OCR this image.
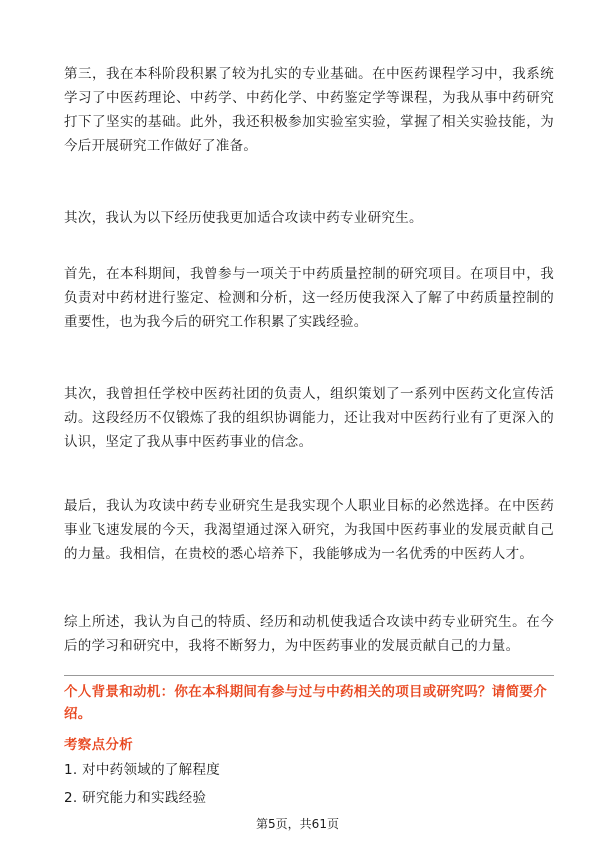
第三，我在本科阶段积累了较为扎实的专业基础。在中医药课程学习中，我系统学习了中医药理论、中药学、中药化学、中药鉴定学等课程，为我从事中药研究打下了坚实的基础。此外，我还积极参加实验室实验，掌握了相关实验技能，为今后开展研究工作做好了准备。

其次，我认为以下经历使我更加适合攻读中药专业研究生。

首先，在本科期间，我曾参与一项关于中药质量控制的研究项目。在项目中，我负责对中药材进行鉴定、检测和分析，这一经历使我深入了解了中药质量控制的重要性，也为我今后的研究工作积累了实践经验。

其次，我曾担任学校中医药社团的负责人，组织策划了一系列中医药文化宣传活动。这段经历不仅锻炼了我的组织协调能力，还让我对中医药行业有了更深入的认识，坚定了我从事中医药事业的信念。

最后，我认为攻读中药专业研究生是我实现个人职业目标的必然选择。在中医药事业飞速发展的今天，我渴望通过深入研究，为我国中医药事业的发展贡献自己的力量。我相信，在贵校的悉心培养下，我能够成为一名优秀的中医药人才。

综上所述，我认为自己的特质、经历和动机使我适合攻读中药专业研究生。在今后的学习和研究中，我将不断努力，为中医药事业的发展贡献自己的力量。

个人背景和动机：你在本科期间有参与过与中药相关的项目或研究吗？请简要介绍。

考察点分析

1. 对中药领域的了解程度
2. 研究能力和实践经验
第5页，共61页
